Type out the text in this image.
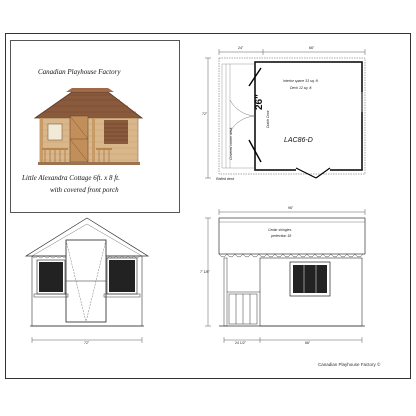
Canadian Playhouse Factory
Little Alexandra Cottage 6ft. x 8 ft.
with covered front porch
24"	66"
72"
Interior space 33 sq. ft.
Deck 12 sq. ft.
26"
Dutch Door
LAC86-D
Covered corner deck
Railed deck
72"
96"
7' 1/8"
Cedar shingles
perfection 18
24 1/2"	66"
Canadian Playhouse Factory ©
